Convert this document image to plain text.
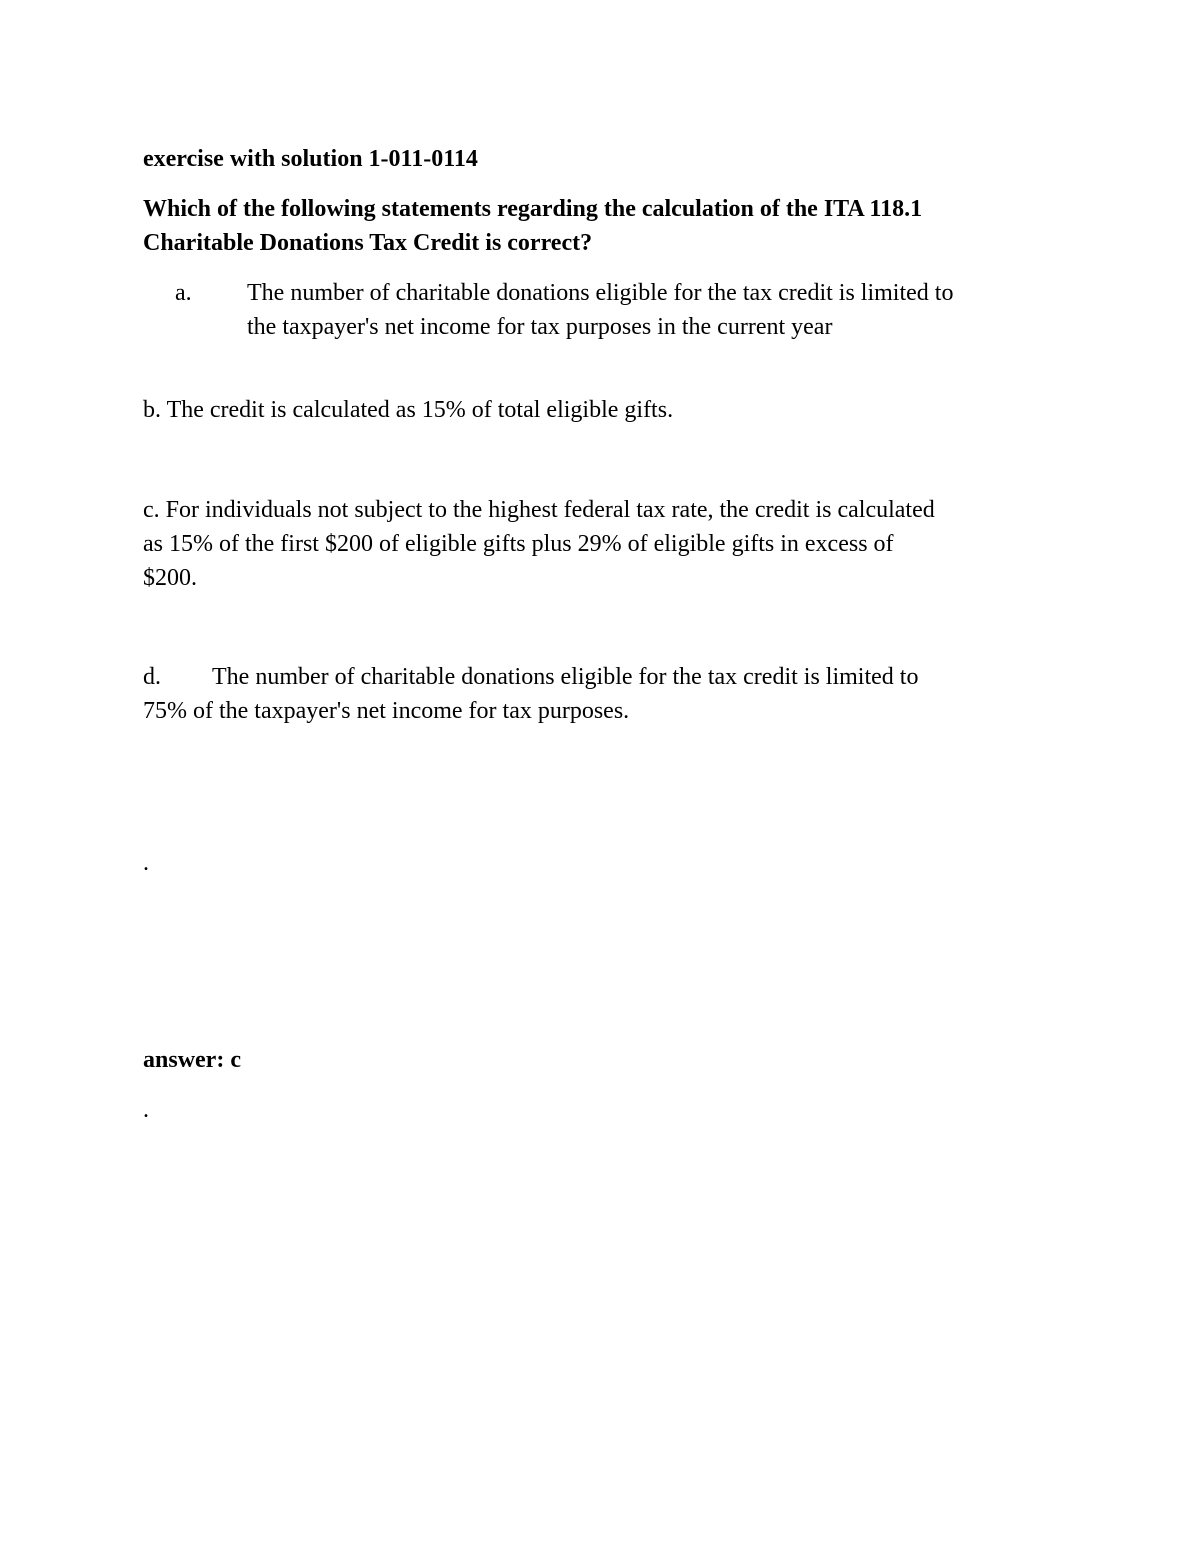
exercise with solution 1-011-0114
Which of the following statements regarding the calculation of the ITA 118.1
Charitable Donations Tax Credit is correct?
a. The number of charitable donations eligible for the tax credit is limited to
the taxpayer's net income for tax purposes in the current year
b. The credit is calculated as 15% of total eligible gifts.
c. For individuals not subject to the highest federal tax rate, the credit is calculated
as 15% of the first $200 of eligible gifts plus 29% of eligible gifts in excess of
$200.
d. The number of charitable donations eligible for the tax credit is limited to
75% of the taxpayer's net income for tax purposes.
.
answer: c
.
